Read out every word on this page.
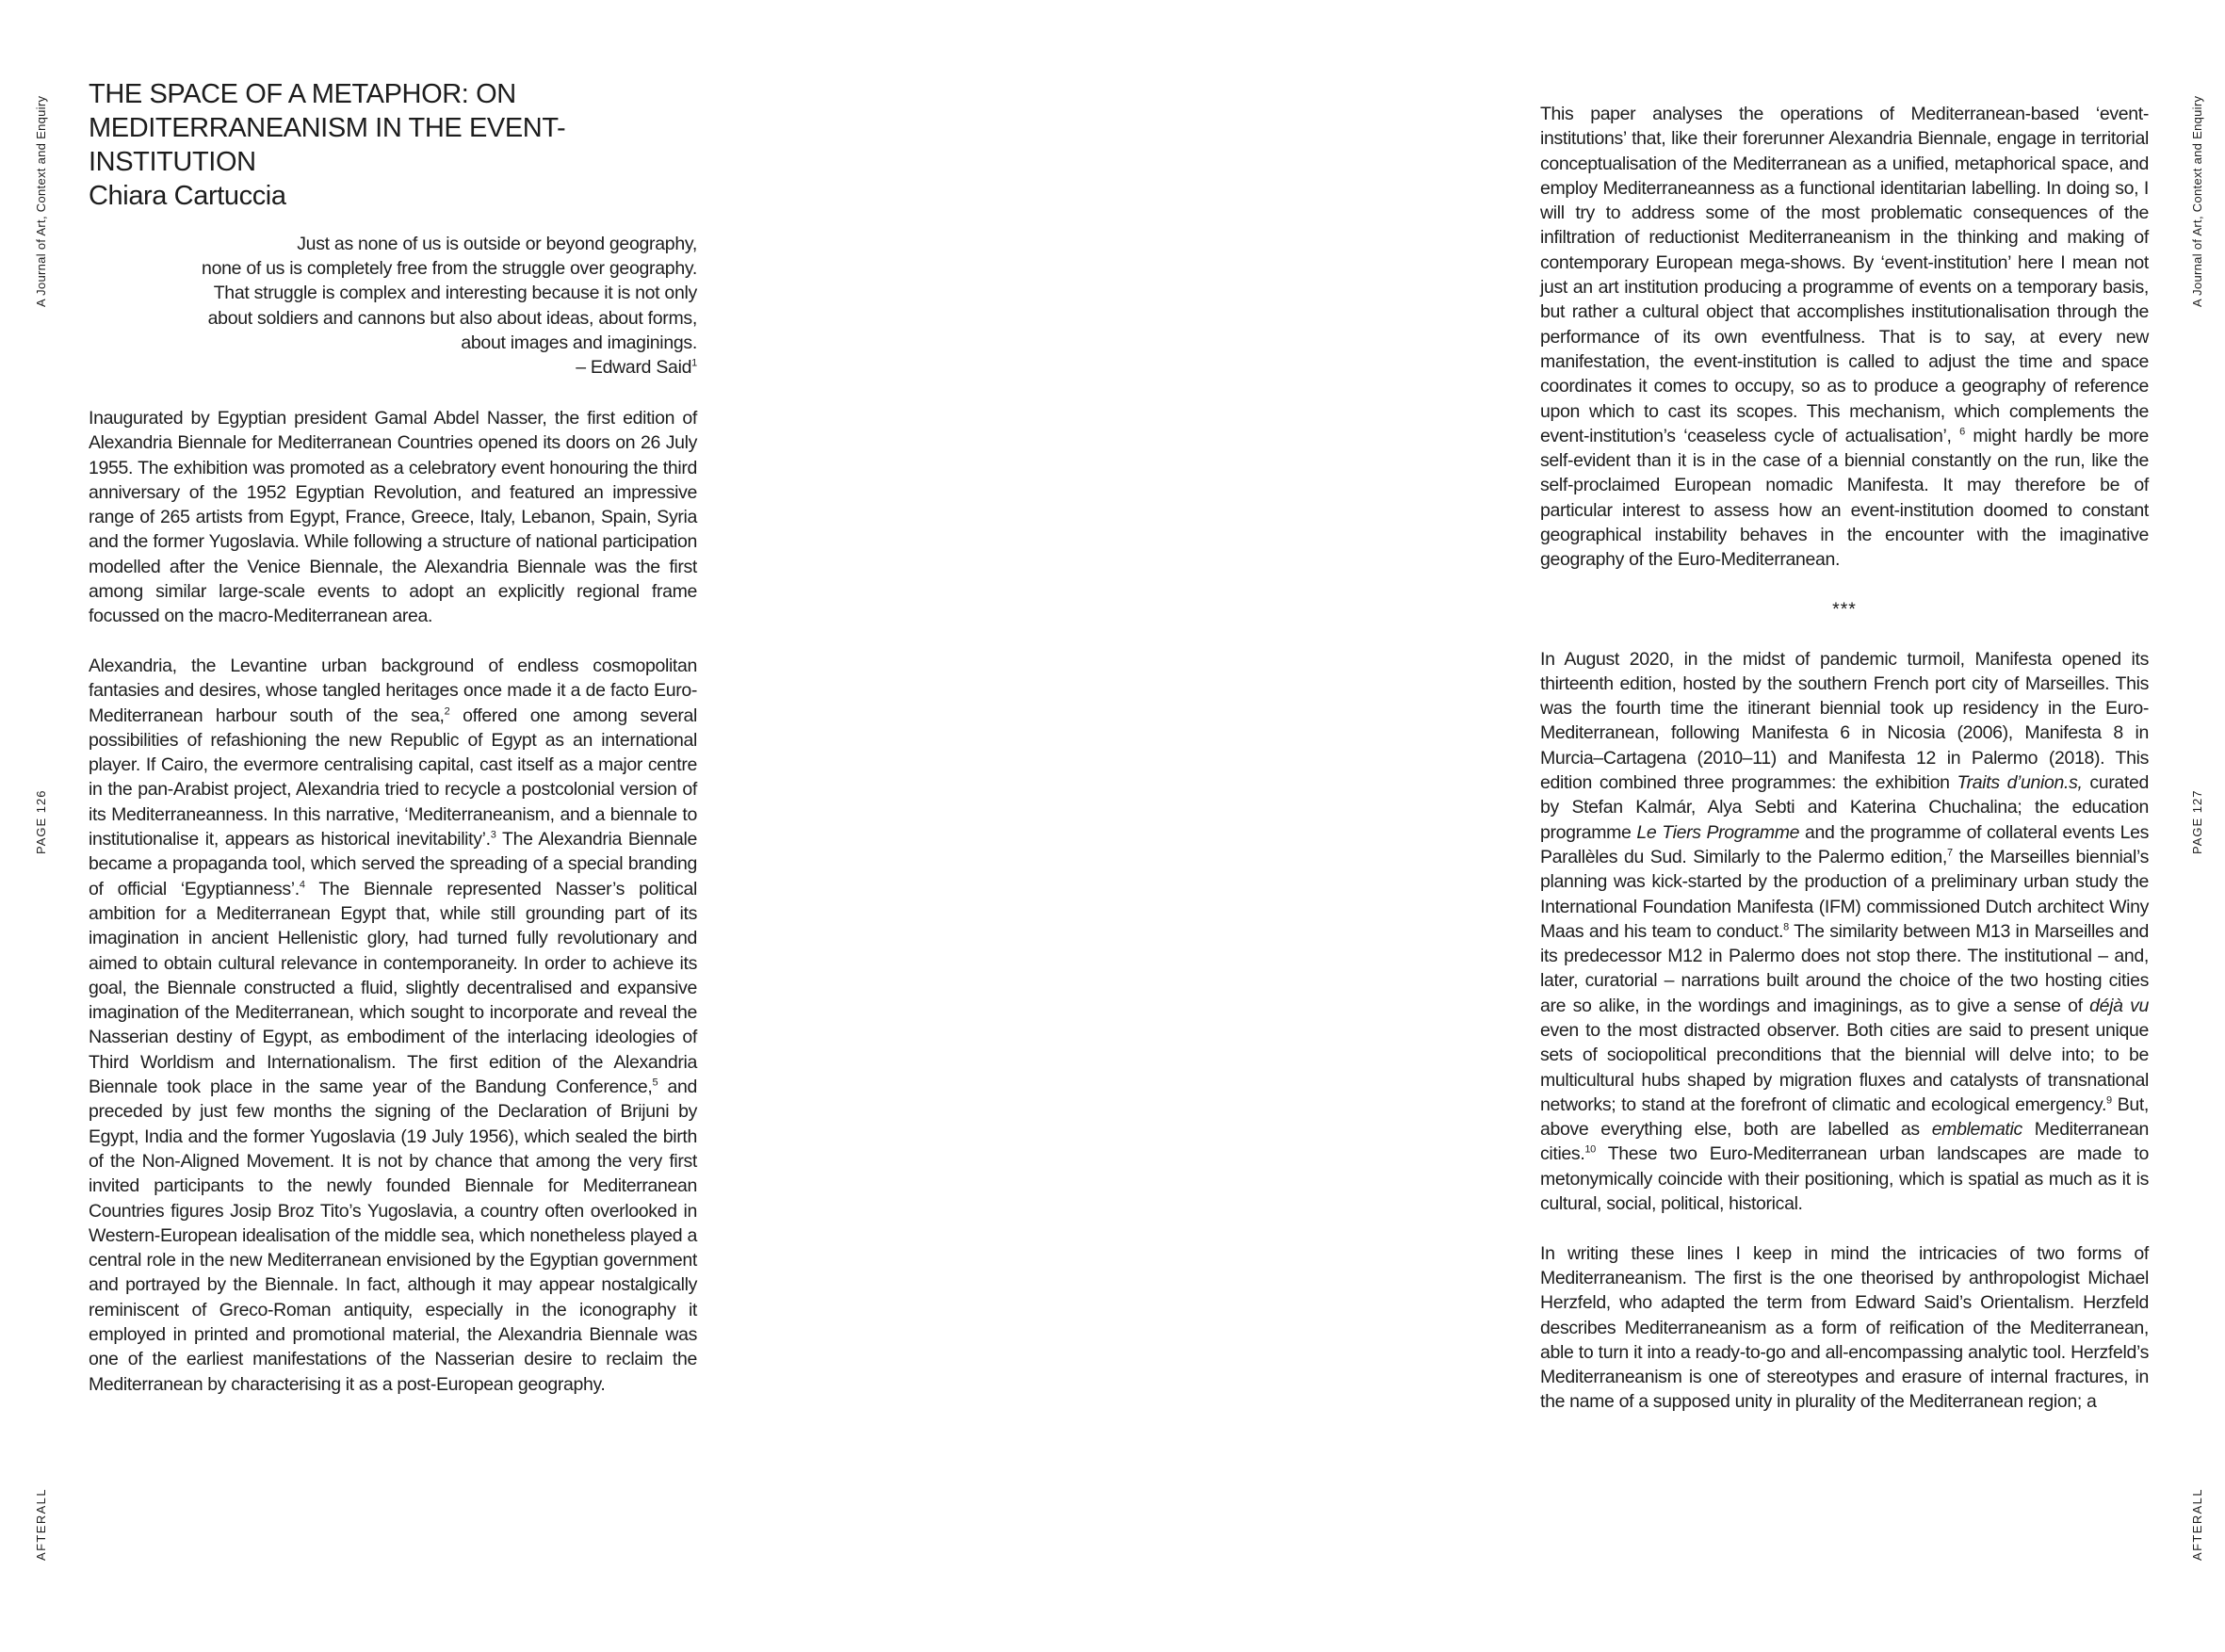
A Journal of Art, Context and Enquiry
PAGE 126
AFTERALL
THE SPACE OF A METAPHOR: ON MEDITERRANEANISM IN THE EVENT-INSTITUTION
Chiara Cartuccia

Just as none of us is outside or beyond geography,

none of us is completely free from the struggle over geography.

That struggle is complex and interesting because it is not only

about soldiers and cannons but also about ideas, about forms,

about images and imaginings.

– Edward Said$^1$

Inaugurated by Egyptian president Gamal Abdel Nasser, the first edition of Alexandria Biennale for Mediterranean Countries opened its doors on 26 July 1955. The exhibition was promoted as a celebratory event honouring the third anniversary of the 1952 Egyptian Revolution, and featured an impressive range of 265 artists from Egypt, France, Greece, Italy, Lebanon, Spain, Syria and the former Yugoslavia. While following a structure of national participation modelled after the Venice Biennale, the Alexandria Biennale was the first among similar large-scale events to adopt an explicitly regional frame focussed on the macro-Mediterranean area.

Alexandria, the Levantine urban background of endless cosmopolitan fantasies and desires, whose tangled heritages once made it a de facto Euro-Mediterranean harbour south of the sea,$^2$ offered one among several possibilities of refashioning the new Republic of Egypt as an international player. If Cairo, the evermore centralising capital, cast itself as a major centre in the pan-Arabist project, Alexandria tried to recycle a postcolonial version of its Mediterraneanness. In this narrative, ‘Mediterraneanism, and a biennale to institutionalise it, appears as historical inevitability’.$^3$ The Alexandria Biennale became a propaganda tool, which served the spreading of a special branding of official ‘Egyptianness’.$^4$ The Biennale represented Nasser’s political ambition for a Mediterranean Egypt that, while still grounding part of its imagination in ancient Hellenistic glory, had turned fully revolutionary and aimed to obtain cultural relevance in contemporaneity. In order to achieve its goal, the Biennale constructed a fluid, slightly decentralised and expansive imagination of the Mediterranean, which sought to incorporate and reveal the Nasserian destiny of Egypt, as embodiment of the interlacing ideologies of Third Worldism and Internationalism. The first edition of the Alexandria Biennale took place in the same year of the Bandung Conference,$^5$ and preceded by just few months the signing of the Declaration of Brijuni by Egypt, India and the former Yugoslavia (19 July 1956), which sealed the birth of the Non-Aligned Movement. It is not by chance that among the very first invited participants to the newly founded Biennale for Mediterranean Countries figures Josip Broz Tito’s Yugoslavia, a country often overlooked in Western-European idealisation of the middle sea, which nonetheless played a central role in the new Mediterranean envisioned by the Egyptian government and portrayed by the Biennale. In fact, although it may appear nostalgically reminiscent of Greco-Roman antiquity, especially in the iconography it employed in printed and promotional material, the Alexandria Biennale was one of the earliest manifestations of the Nasserian desire to reclaim the Mediterranean by characterising it as a post-European geography.

A Journal of Art, Context and Enquiry
PAGE 127
AFTERALL

This paper analyses the operations of Mediterranean-based ‘event-institutions’ that, like their forerunner Alexandria Biennale, engage in territorial conceptualisation of the Mediterranean as a unified, metaphorical space, and employ Mediterraneanness as a functional identitarian labelling. In doing so, I will try to address some of the most problematic consequences of the infiltration of reductionist Mediterraneanism in the thinking and making of contemporary European mega-shows. By ‘event-institution’ here I mean not just an art institution producing a programme of events on a temporary basis, but rather a cultural object that accomplishes institutionalisation through the performance of its own eventfulness. That is to say, at every new manifestation, the event-institution is called to adjust the time and space coordinates it comes to occupy, so as to produce a geography of reference upon which to cast its scopes. This mechanism, which complements the event-institution’s ‘ceaseless cycle of actualisation’, $^6$ might hardly be more self-evident than it is in the case of a biennial constantly on the run, like the self-proclaimed European nomadic Manifesta. It may therefore be of particular interest to assess how an event-institution doomed to constant geographical instability behaves in the encounter with the imaginative geography of the Euro-Mediterranean.

***

In August 2020, in the midst of pandemic turmoil, Manifesta opened its thirteenth edition, hosted by the southern French port city of Marseilles. This was the fourth time the itinerant biennial took up residency in the Euro-Mediterranean, following Manifesta 6 in Nicosia (2006), Manifesta 8 in Murcia–Cartagena (2010–11) and Manifesta 12 in Palermo (2018). This edition combined three programmes: the exhibition Traits d’union.s, curated by Stefan Kalmár, Alya Sebti and Katerina Chuchalina; the education programme Le Tiers Programme and the programme of collateral events Les Parallèles du Sud. Similarly to the Palermo edition,$^7$ the Marseilles biennial’s planning was kick-started by the production of a preliminary urban study the International Foundation Manifesta (IFM) commissioned Dutch architect Winy Maas and his team to conduct.$^8$ The similarity between M13 in Marseilles and its predecessor M12 in Palermo does not stop there. The institutional – and, later, curatorial – narrations built around the choice of the two hosting cities are so alike, in the wordings and imaginings, as to give a sense of déjà vu even to the most distracted observer. Both cities are said to present unique sets of sociopolitical preconditions that the biennial will delve into; to be multicultural hubs shaped by migration fluxes and catalysts of transnational networks; to stand at the forefront of climatic and ecological emergency.$^9$ But, above everything else, both are labelled as emblematic Mediterranean cities.$^{10}$ These two Euro-Mediterranean urban landscapes are made to metonymically coincide with their positioning, which is spatial as much as it is cultural, social, political, historical.

In writing these lines I keep in mind the intricacies of two forms of Mediterraneanism. The first is the one theorised by anthropologist Michael Herzfeld, who adapted the term from Edward Said’s Orientalism. Herzfeld describes Mediterraneanism as a form of reification of the Mediterranean, able to turn it into a ready-to-go and all-encompassing analytic tool. Herzfeld’s Mediterraneanism is one of stereotypes and erasure of internal fractures, in the name of a supposed unity in plurality of the Mediterranean region; a
